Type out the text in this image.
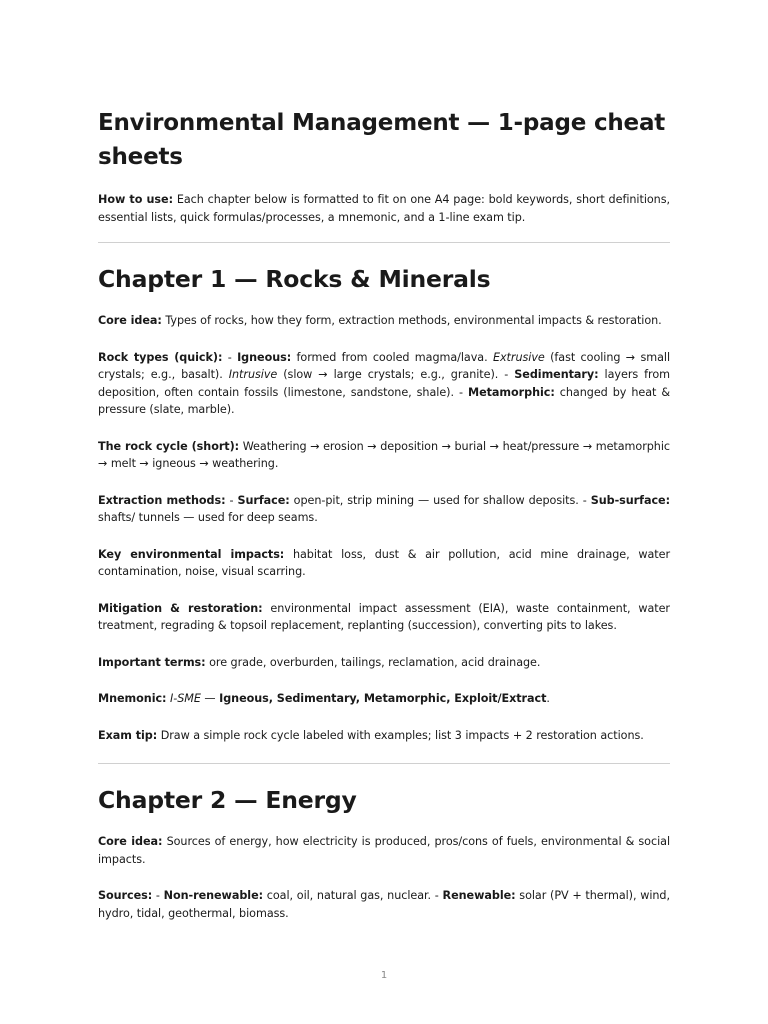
Environmental Management — 1-page cheat sheets

How to use: Each chapter below is formatted to fit on one A4 page: bold keywords, short definitions, essential lists, quick formulas/processes, a mnemonic, and a 1-line exam tip.

Chapter 1 — Rocks & Minerals

Core idea: Types of rocks, how they form, extraction methods, environmental impacts & restoration.

Rock types (quick): - Igneous: formed from cooled magma/lava. Extrusive (fast cooling → small crystals; e.g., basalt). Intrusive (slow → large crystals; e.g., granite). - Sedimentary: layers from deposition, often contain fossils (limestone, sandstone, shale). - Metamorphic: changed by heat & pressure (slate, marble).

The rock cycle (short): Weathering → erosion → deposition → burial → heat/pressure → metamorphic → melt → igneous → weathering.

Extraction methods: - Surface: open-pit, strip mining — used for shallow deposits. - Sub-surface: shafts/ tunnels — used for deep seams.

Key environmental impacts: habitat loss, dust & air pollution, acid mine drainage, water contamination, noise, visual scarring.

Mitigation & restoration: environmental impact assessment (EIA), waste containment, water treatment, regrading & topsoil replacement, replanting (succession), converting pits to lakes.

Important terms: ore grade, overburden, tailings, reclamation, acid drainage.

Mnemonic: I-SME — Igneous, Sedimentary, Metamorphic, Exploit/Extract.

Exam tip: Draw a simple rock cycle labeled with examples; list 3 impacts + 2 restoration actions.

Chapter 2 — Energy

Core idea: Sources of energy, how electricity is produced, pros/cons of fuels, environmental & social impacts.

Sources: - Non-renewable: coal, oil, natural gas, nuclear. - Renewable: solar (PV + thermal), wind, hydro, tidal, geothermal, biomass.

1
